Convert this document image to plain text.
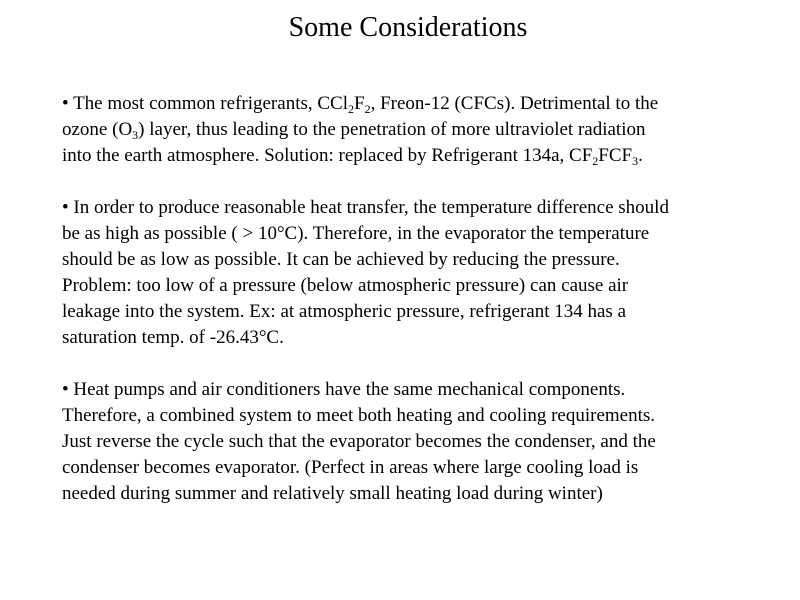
Some Considerations
• The most common refrigerants, $CCl_2F_2$, Freon-12 (CFCs). Detrimental to the
ozone $(O_3)$ layer, thus leading to the penetration of more ultraviolet radiation
into the earth atmosphere. Solution: replaced by Refrigerant 134a, $CF_2FCF_3$.
• In order to produce reasonable heat transfer, the temperature difference should
be as high as possible ( > 10°C). Therefore, in the evaporator the temperature
should be as low as possible. It can be achieved by reducing the pressure.
Problem: too low of a pressure (below atmospheric pressure) can cause air
leakage into the system. Ex: at atmospheric pressure, refrigerant 134 has a
saturation temp. of -26.43°C.
• Heat pumps and air conditioners have the same mechanical components.
Therefore, a combined system to meet both heating and cooling requirements.
Just reverse the cycle such that the evaporator becomes the condenser, and the
condenser becomes evaporator. (Perfect in areas where large cooling load is
needed during summer and relatively small heating load during winter)
